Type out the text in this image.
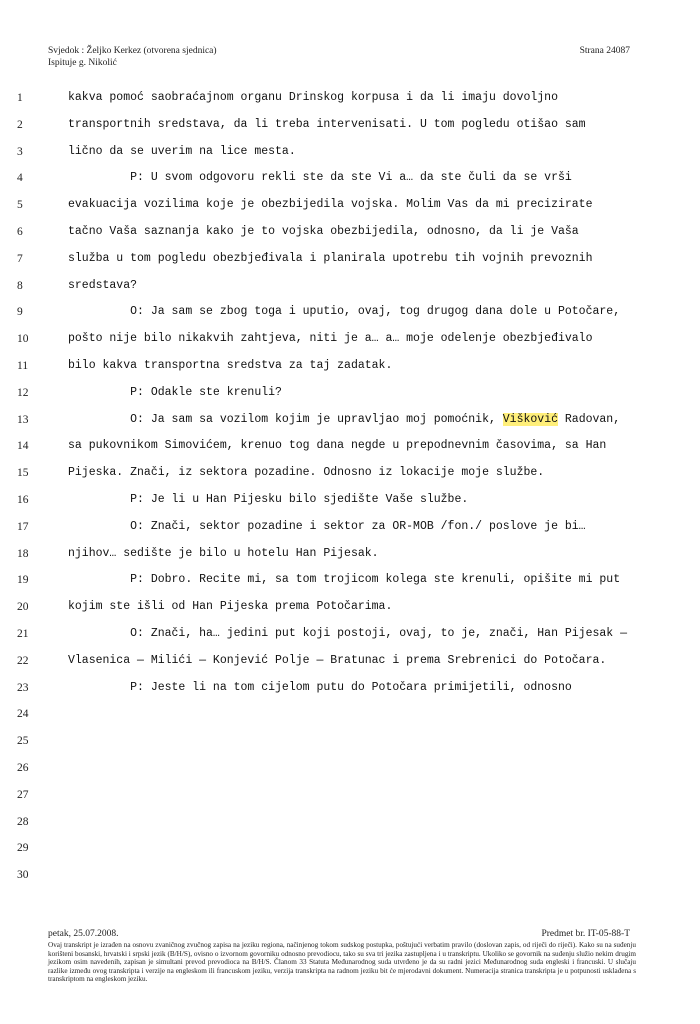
Svjedok : Željko Kerkez (otvorena sjednica)
Ispituje g. Nikolić
Strana 24087
1	kakva pomoć saobraćajnom organu Drinskog korpusa i da li imaju dovoljno
2	transportnih sredstava, da li treba intervenisati. U tom pogledu otišao sam
3	lično da se uverim na lice mesta.
4	P: U svom odgovoru rekli ste da ste Vi a… da ste čuli da se vrši
5	evakuacija vozilima koje je obezbijedila vojska. Molim Vas da mi precizirate
6	tačno Vaša saznanja kako je to vojska obezbijedila, odnosno, da li je Vaša
7	služba u tom pogledu obezbjeđivala i planirala upotrebu tih vojnih prevoznih
8	sredstava?
9	O: Ja sam se zbog toga i uputio, ovaj, tog drugog dana dole u Potočare,
10	pošto nije bilo nikakvih zahtjeva, niti je a… a… moje odelenje obezbjeđivalo
11	bilo kakva transportna sredstva za taj zadatak.
12	P: Odakle ste krenuli?
13	O: Ja sam sa vozilom kojim je upravljao moj pomoćnik, Višković Radovan,
14	sa pukovnikom Simovićem, krenuo tog dana negde u prepodnevnim časovima, sa Han
15	Pijeska. Znači, iz sektora pozadine. Odnosno iz lokacije moje službe.
16	P: Je li u Han Pijesku bilo sjedište Vaše službe.
17	O: Znači, sektor pozadine i sektor za OR-MOB /fon./ poslove je bi…
18	njihov… sedište je bilo u hotelu Han Pijesak.
19	P: Dobro. Recite mi, sa tom trojicom kolega ste krenuli, opišite mi put
20	kojim ste išli od Han Pijeska prema Potočarima.
21	O: Znači, ha… jedini put koji postoji, ovaj, to je, znači, Han Pijesak —
22	Vlasenica — Milići — Konjević Polje — Bratunac i prema Srebrenici do Potočara.
23	P: Jeste li na tom cijelom putu do Potočara primijetili, odnosno
24
25
26
27
28
29
30
petak, 25.07.2008.	Predmet br. IT-05-88-T
Ovaj transkript je izrađen na osnovu zvaničnog zvučnog zapisa na jeziku regiona, načinjenog tokom sudskog postupka, poštujući verbatim pravilo (doslovan zapis, od riječi do riječi). Kako su na suđenju korišteni bosanski, hrvatski i srpski jezik (B/H/S), ovisno o izvornom govorniku odnosno prevodiocu, tako su sva tri jezika zastupljena i u transkriptu. Ukoliko se govornik na suđenju služio nekim drugim jezikom osim navedenih, zapisan je simultani prevod prevodioca na B/H/S. Članom 33 Statuta Međunarodnog suda utvrđeno je da su radni jezici Međunarodnog suda engleski i francuski. U slučaju razlike između ovog transkripta i verzije na engleskom ili francuskom jeziku, verzija transkripta na radnom jeziku bit će mjerodavni dokument. Numeracija stranica transkripta je u potpunosti usklađena s transkriptom na engleskom jeziku.
